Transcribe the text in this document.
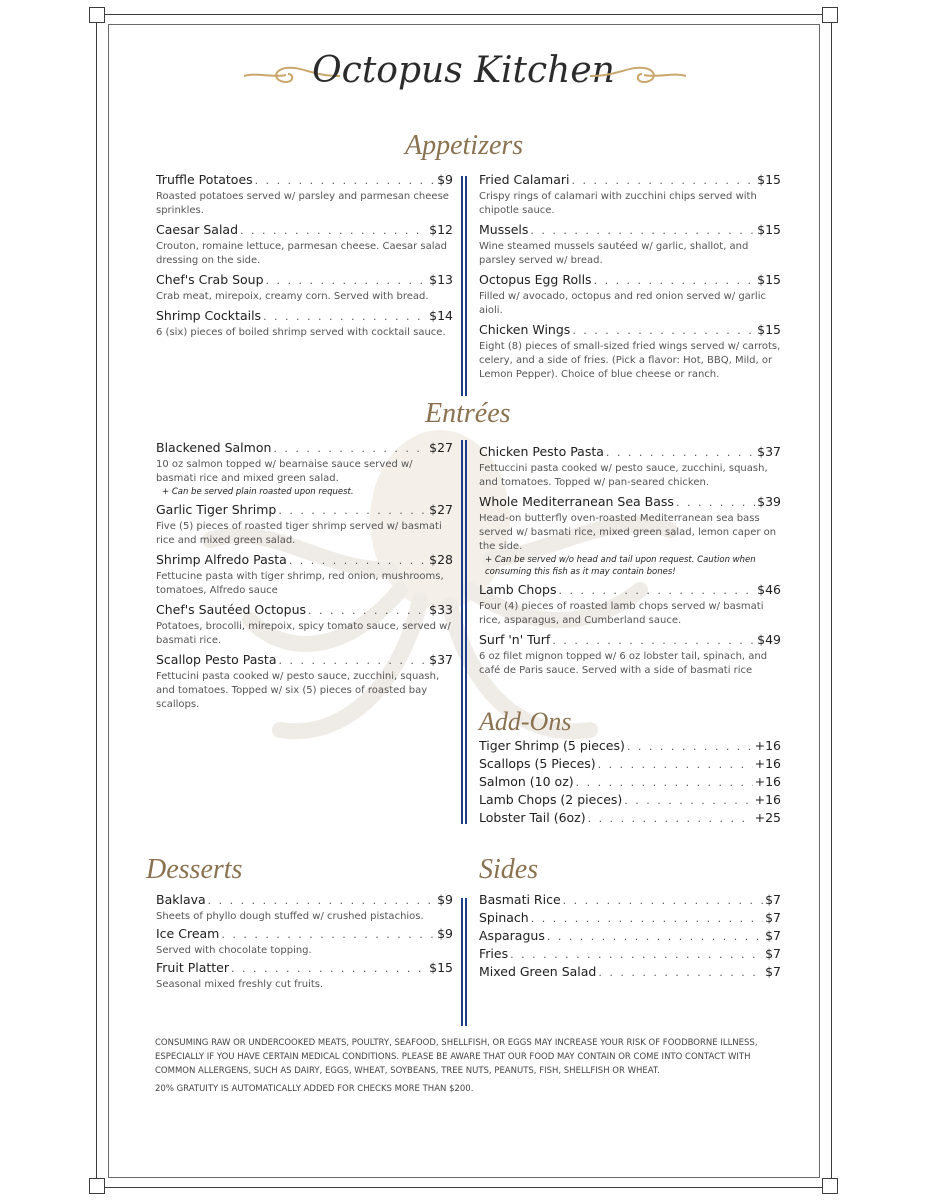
Octopus Kitchen
Appetizers
Entrées
Add-Ons
Desserts	Sides
Truffle Potatoes . . .	$9
Roasted potatoes served w/ parsley and parmesan cheese sprinkles.
Caesar Salad . . .	$12
Crouton, romaine lettuce, parmesan cheese. Caesar salad dressing on the side.
Chef's Crab Soup . . .	$13
Crab meat, mirepoix, creamy corn. Served with bread.
Shrimp Cocktails . . .	$14
6 (six) pieces of boiled shrimp served with cocktail sauce.
Fried Calamari . . .	$15
Crispy rings of calamari with zucchini chips served with chipotle sauce.
Mussels . . .	$15
Wine steamed mussels sautéed w/ garlic, shallot, and parsley served w/ bread.
Octopus Egg Rolls . . .	$15
Filled w/ avocado, octopus and red onion served w/ garlic aioli.
Chicken Wings . . .	$15
Eight (8) pieces of small-sized fried wings served w/ carrots, celery, and a side of fries. (Pick a flavor: Hot, BBQ, Mild, or Lemon Pepper). Choice of blue cheese or ranch.
Blackened Salmon . . .	$27
10 oz salmon topped w/ bearnaise sauce served w/ basmati rice and mixed green salad.
+ Can be served plain roasted upon request.
Garlic Tiger Shrimp . . .	$27
Five (5) pieces of roasted tiger shrimp served w/ basmati rice and mixed green salad.
Shrimp Alfredo Pasta . . .	$28
Fettucine pasta with tiger shrimp, red onion, mushrooms, tomatoes, Alfredo sauce
Chef's Sautéed Octopus . . .	$33
Potatoes, brocolli, mirepoix, spicy tomato sauce, served w/ basmati rice.
Scallop Pesto Pasta . . .	$37
Fettucini pasta cooked w/ pesto sauce, zucchini, squash, and tomatoes. Topped w/ six (5) pieces of roasted bay scallops.
Chicken Pesto Pasta . . .	$37
Fettuccini pasta cooked w/ pesto sauce, zucchini, squash, and tomatoes. Topped w/ pan-seared chicken.
Whole Mediterranean Sea Bass . . .	$39
Head-on butterfly oven-roasted Mediterranean sea bass served w/ basmati rice, mixed green salad, lemon caper on the side.
+ Can be served w/o head and tail upon request. Caution when consuming this fish as it may contain bones!
Lamb Chops . . .	$46
Four (4) pieces of roasted lamb chops served w/ basmati rice, asparagus, and Cumberland sauce.
Surf 'n' Turf . . .	$49
6 oz filet mignon topped w/ 6 oz lobster tail, spinach, and café de Paris sauce. Served with a side of basmati rice
Tiger Shrimp (5 pieces) . . .	+16
Scallops (5 Pieces) . . .	+16
Salmon (10 oz) . . .	+16
Lamb Chops (2 pieces) . . .	+16
Lobster Tail (6oz) . . .	+25
Baklava . . .	$9
Sheets of phyllo dough stuffed w/ crushed pistachios.
Ice Cream . . .	$9
Served with chocolate topping.
Fruit Platter . . .	$15
Seasonal mixed freshly cut fruits.
Basmati Rice . . .	$7
Spinach . . .	$7
Asparagus . . .	$7
Fries . . .	$7
Mixed Green Salad . . .	$7

CONSUMING RAW OR UNDERCOOKED MEATS, POULTRY, SEAFOOD, SHELLFISH, OR EGGS MAY INCREASE YOUR RISK OF FOODBORNE ILLNESS, ESPECIALLY IF YOU HAVE CERTAIN MEDICAL CONDITIONS. PLEASE BE AWARE THAT OUR FOOD MAY CONTAIN OR COME INTO CONTACT WITH COMMON ALLERGENS, SUCH AS DAIRY, EGGS, WHEAT, SOYBEANS, TREE NUTS, PEANUTS, FISH, SHELLFISH OR WHEAT.

20% GRATUITY IS AUTOMATICALLY ADDED FOR CHECKS MORE THAN $200.
